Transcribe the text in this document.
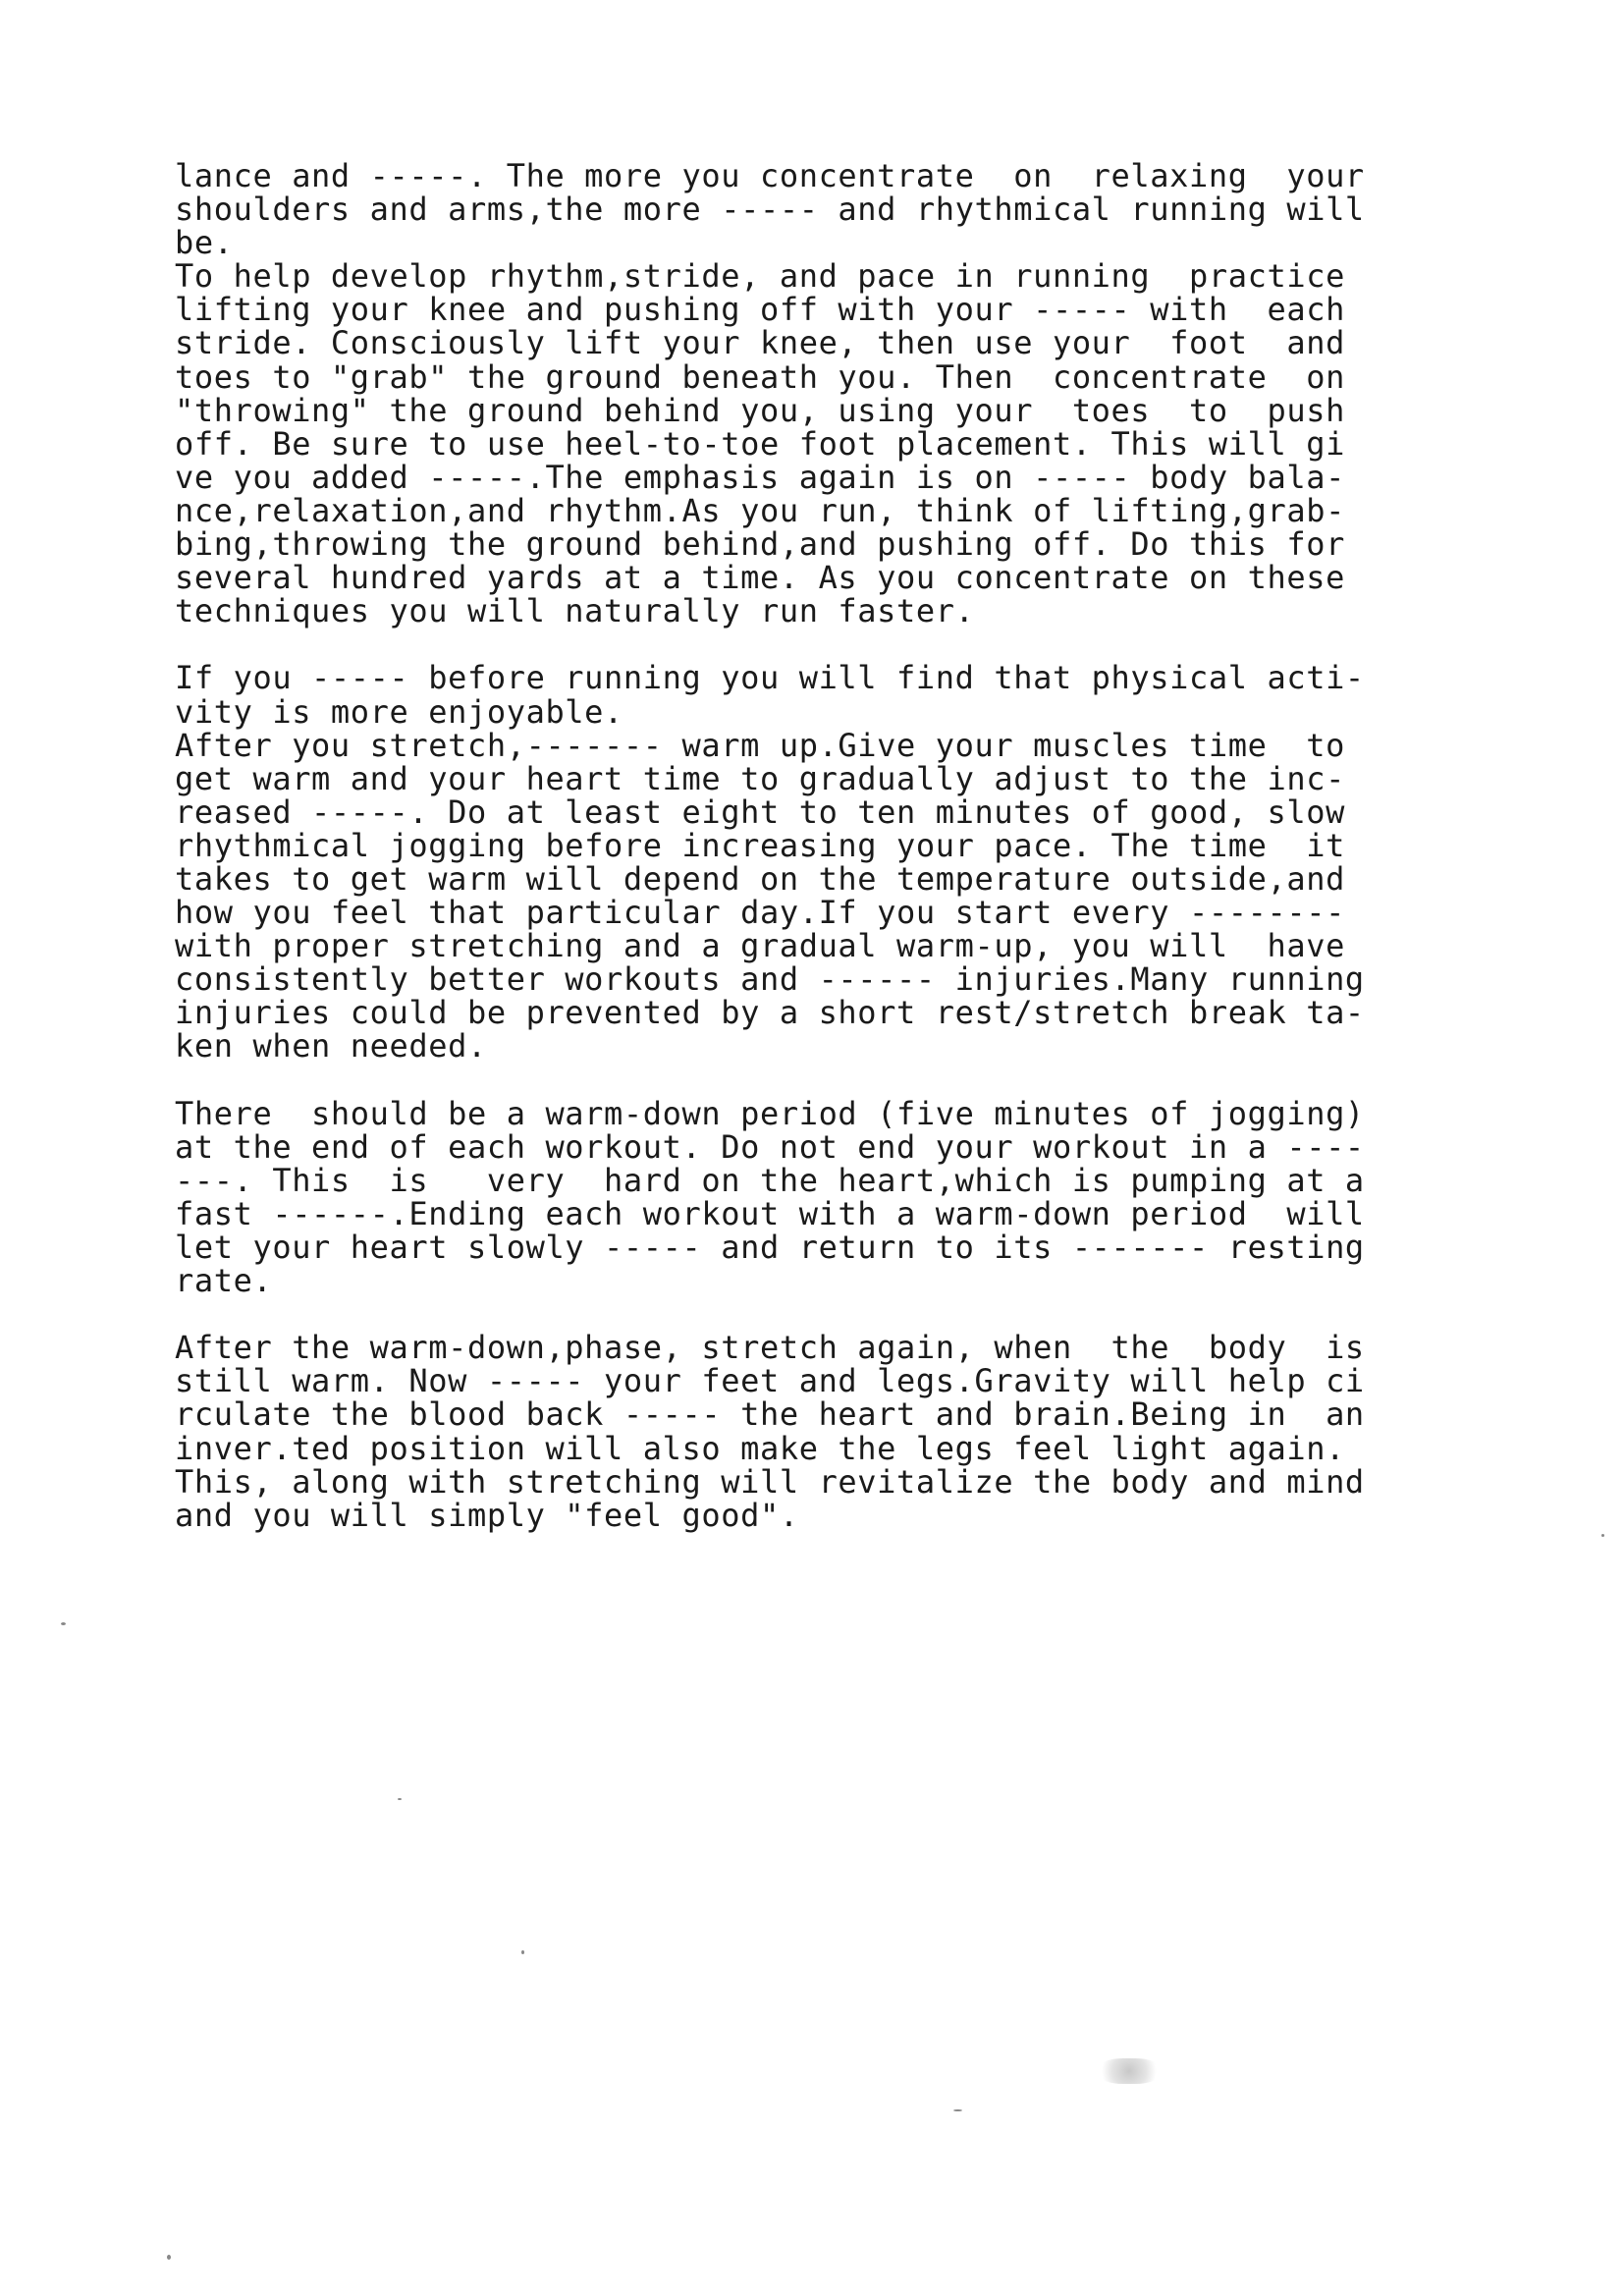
lance and -----. The more you concentrate  on  relaxing  your
shoulders and arms,the more ----- and rhythmical running will
be.
To help develop rhythm,stride, and pace in running  practice
lifting your knee and pushing off with your ----- with  each
stride. Consciously lift your knee, then use your  foot  and
toes to "grab" the ground beneath you. Then  concentrate  on
"throwing" the ground behind you, using your  toes  to  push
off. Be sure to use heel-to-toe foot placement. This will gi
ve you added -----.The emphasis again is on ----- body bala-
nce,relaxation,and rhythm.As you run, think of lifting,grab-
bing,throwing the ground behind,and pushing off. Do this for
several hundred yards at a time. As you concentrate on these
techniques you will naturally run faster.
If you ----- before running you will find that physical acti-
vity is more enjoyable.
After you stretch,------- warm up.Give your muscles time  to
get warm and your heart time to gradually adjust to the inc-
reased -----. Do at least eight to ten minutes of good, slow
rhythmical jogging before increasing your pace. The time  it
takes to get warm will depend on the temperature outside,and
how you feel that particular day.If you start every --------
with proper stretching and a gradual warm-up, you will  have
consistently better workouts and ------ injuries.Many running
injuries could be prevented by a short rest/stretch break ta-
ken when needed.
There  should be a warm-down period (five minutes of jogging)
at the end of each workout. Do not end your workout in a ----
---. This  is   very  hard on the heart,which is pumping at a
fast ------.Ending each workout with a warm-down period  will
let your heart slowly ----- and return to its ------- resting
rate.
After the warm-down,phase, stretch again, when  the  body  is
still warm. Now ----- your feet and legs.Gravity will help ci
rculate the blood back ----- the heart and brain.Being in  an
inver.ted position will also make the legs feel light again.
This, along with stretching will revitalize the body and mind
and you will simply "feel good".
